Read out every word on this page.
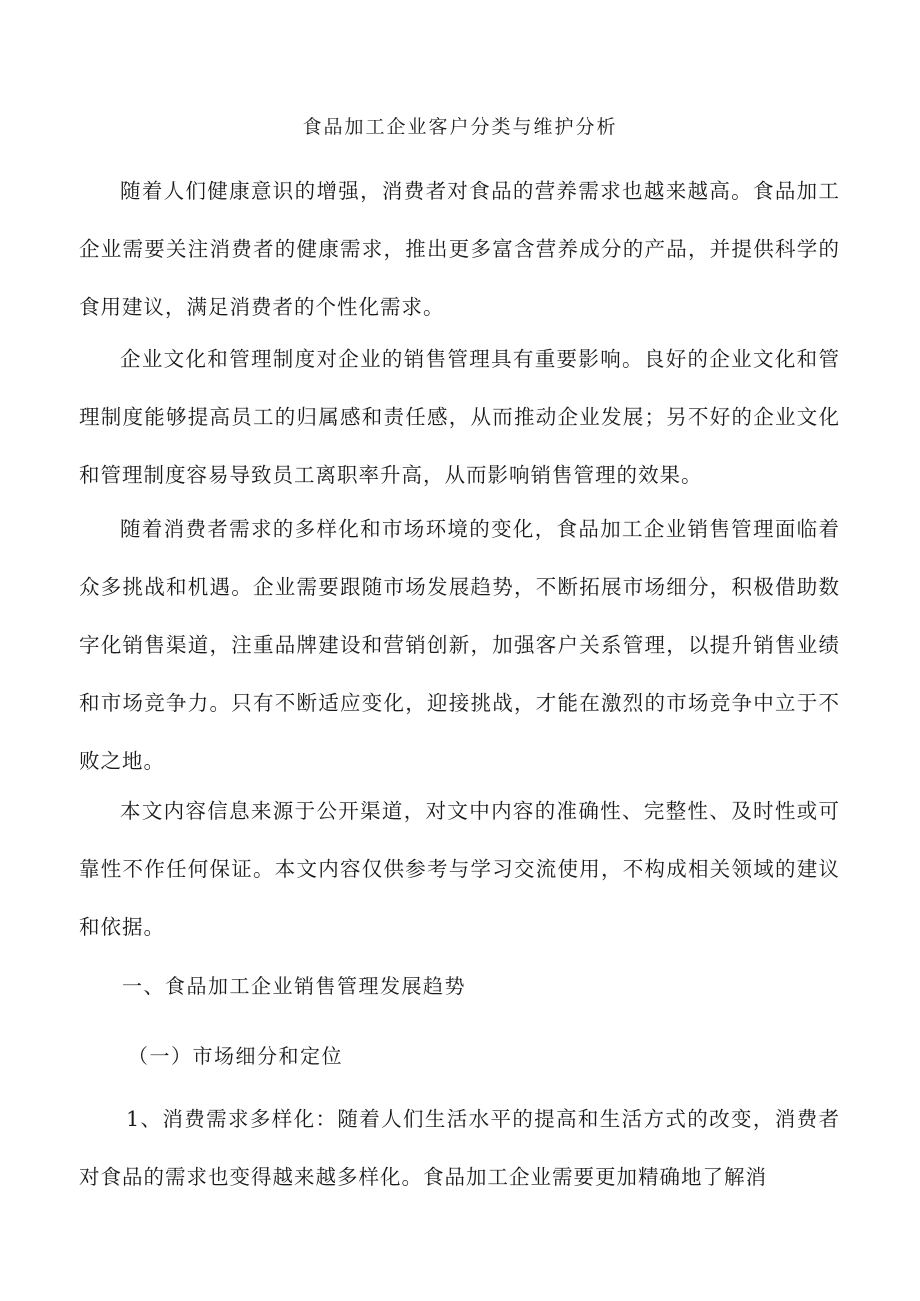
食品加工企业客户分类与维护分析

随着人们健康意识的增强，消费者对食品的营养需求也越来越高。食品加工企业需要关注消费者的健康需求，推出更多富含营养成分的产品，并提供科学的食用建议，满足消费者的个性化需求。

企业文化和管理制度对企业的销售管理具有重要影响。良好的企业文化和管理制度能够提高员工的归属感和责任感，从而推动企业发展；另不好的企业文化和管理制度容易导致员工离职率升高，从而影响销售管理的效果。

随着消费者需求的多样化和市场环境的变化，食品加工企业销售管理面临着众多挑战和机遇。企业需要跟随市场发展趋势，不断拓展市场细分，积极借助数字化销售渠道，注重品牌建设和营销创新，加强客户关系管理，以提升销售业绩和市场竞争力。只有不断适应变化，迎接挑战，才能在激烈的市场竞争中立于不败之地。

本文内容信息来源于公开渠道，对文中内容的准确性、完整性、及时性或可靠性不作任何保证。本文内容仅供参考与学习交流使用，不构成相关领域的建议和依据。

一、食品加工企业销售管理发展趋势
（一）市场细分和定位

1、消费需求多样化：随着人们生活水平的提高和生活方式的改变，消费者对食品的需求也变得越来越多样化。食品加工企业需要更加精确地了解消
